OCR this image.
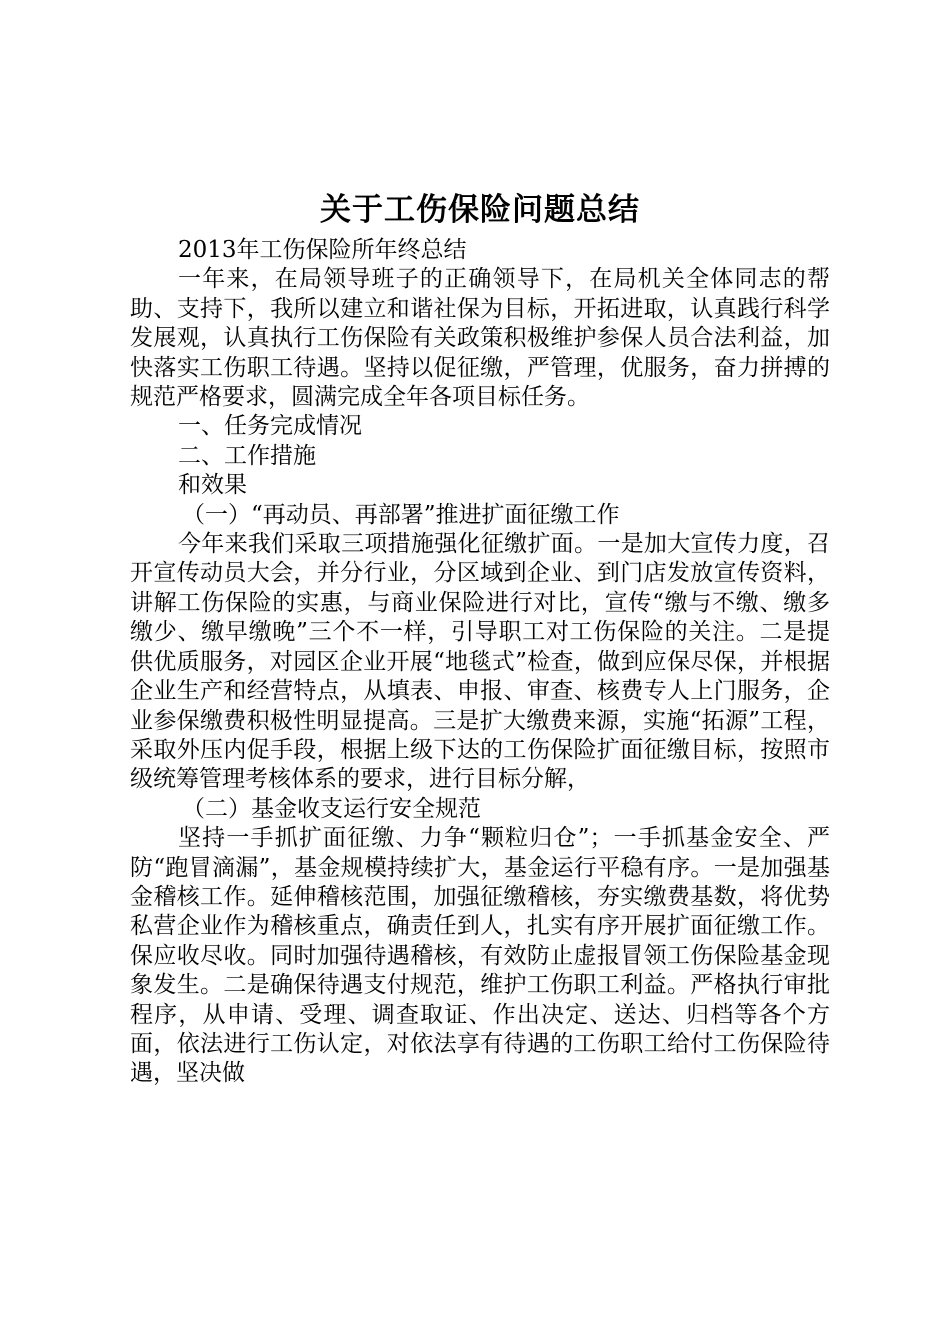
关于工伤保险问题总结
2013年工伤保险所年终总结
一年来，在局领导班子的正确领导下，在局机关全体同志的帮助、支持下，我所以建立和谐社保为目标，开拓进取，认真践行科学发展观，认真执行工伤保险有关政策积极维护参保人员合法利益，加快落实工伤职工待遇。坚持以促征缴，严管理，优服务，奋力拼搏的规范严格要求，圆满完成全年各项目标任务。
一、任务完成情况
二、工作措施
和效果
（一）“再动员、再部署”推进扩面征缴工作
今年来我们采取三项措施强化征缴扩面。一是加大宣传力度，召开宣传动员大会，并分行业，分区域到企业、到门店发放宣传资料，讲解工伤保险的实惠，与商业保险进行对比，宣传“缴与不缴、缴多缴少、缴早缴晚”三个不一样，引导职工对工伤保险的关注。二是提供优质服务，对园区企业开展“地毯式”检查，做到应保尽保，并根据企业生产和经营特点，从填表、申报、审查、核费专人上门服务，企业参保缴费积极性明显提高。三是扩大缴费来源，实施“拓源”工程，采取外压内促手段，根据上级下达的工伤保险扩面征缴目标，按照市级统筹管理考核体系的要求，进行目标分解，
（二）基金收支运行安全规范
坚持一手抓扩面征缴、力争“颗粒归仓”；一手抓基金安全、严防“跑冒滴漏”，基金规模持续扩大，基金运行平稳有序。一是加强基金稽核工作。延伸稽核范围，加强征缴稽核，夯实缴费基数，将优势私营企业作为稽核重点，确责任到人，扎实有序开展扩面征缴工作。保应收尽收。同时加强待遇稽核，有效防止虚报冒领工伤保险基金现象发生。二是确保待遇支付规范，维护工伤职工利益。严格执行审批程序，从申请、受理、调查取证、作出决定、送达、归档等各个方面，依法进行工伤认定，对依法享有待遇的工伤职工给付工伤保险待遇，坚决做
